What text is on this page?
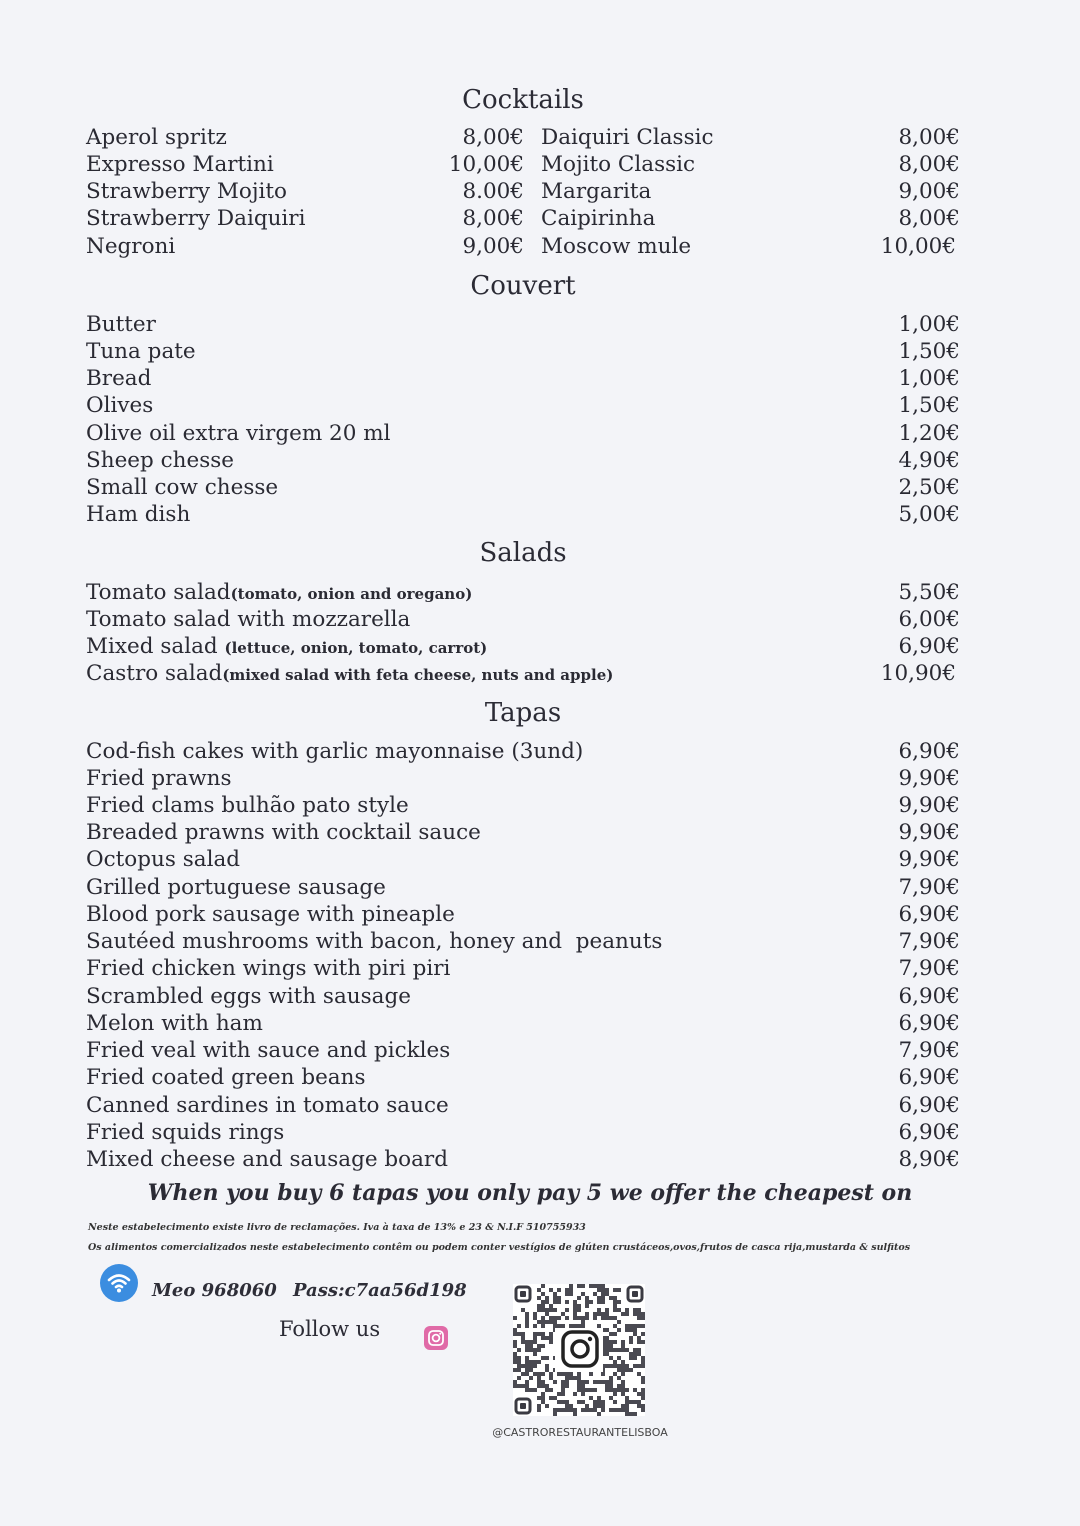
Cocktails
Aperol spritz	8,00€ Daiquiri Classic	8,00€
Expresso Martini	10,00€ Mojito Classic	8,00€
Strawberry Mojito	8.00€ Margarita	9,00€
Strawberry Daiquiri	8,00€ Caipirinha	8,00€
Negroni	9,00€ Moscow mule	10,00€
Couvert
Butter	1,00€
Tuna pate	1,50€
Bread	1,00€
Olives	1,50€
Olive oil extra virgem 20 ml	1,20€
Sheep chesse	4,90€
Small cow chesse	2,50€
Ham dish	5,00€
Salads
Tomato salad(tomato, onion and oregano)	5,50€
Tomato salad with mozzarella	6,00€
Mixed salad (lettuce, onion, tomato, carrot)	6,90€
Castro salad(mixed salad with feta cheese, nuts and apple)	10,90€
Tapas
Cod-fish cakes with garlic mayonnaise (3und)	6,90€
Fried prawns	9,90€
Fried clams bulhão pato style	9,90€
Breaded prawns with cocktail sauce	9,90€
Octopus salad	9,90€
Grilled portuguese sausage	7,90€
Blood pork sausage with pineaple	6,90€
Sautéed mushrooms with bacon, honey and  peanuts	7,90€
Fried chicken wings with piri piri	7,90€
Scrambled eggs with sausage	6,90€
Melon with ham	6,90€
Fried veal with sauce and pickles	7,90€
Fried coated green beans	6,90€
Canned sardines in tomato sauce	6,90€
Fried squids rings	6,90€
Mixed cheese and sausage board	8,90€
When you buy 6 tapas you only pay 5 we offer the cheapest on
Neste estabelecimento existe livro de reclamações. Iva à taxa de 13% e 23 & N.I.F 510755933
Os alimentos comercializados neste estabelecimento contêm ou podem conter vestígios de glúten crustáceos,ovos,frutos de casca rija,mustarda & sulfitos
Meo 968060 Pass:c7aa56d198
Follow us
@CASTRORESTAURANTELISBOA
